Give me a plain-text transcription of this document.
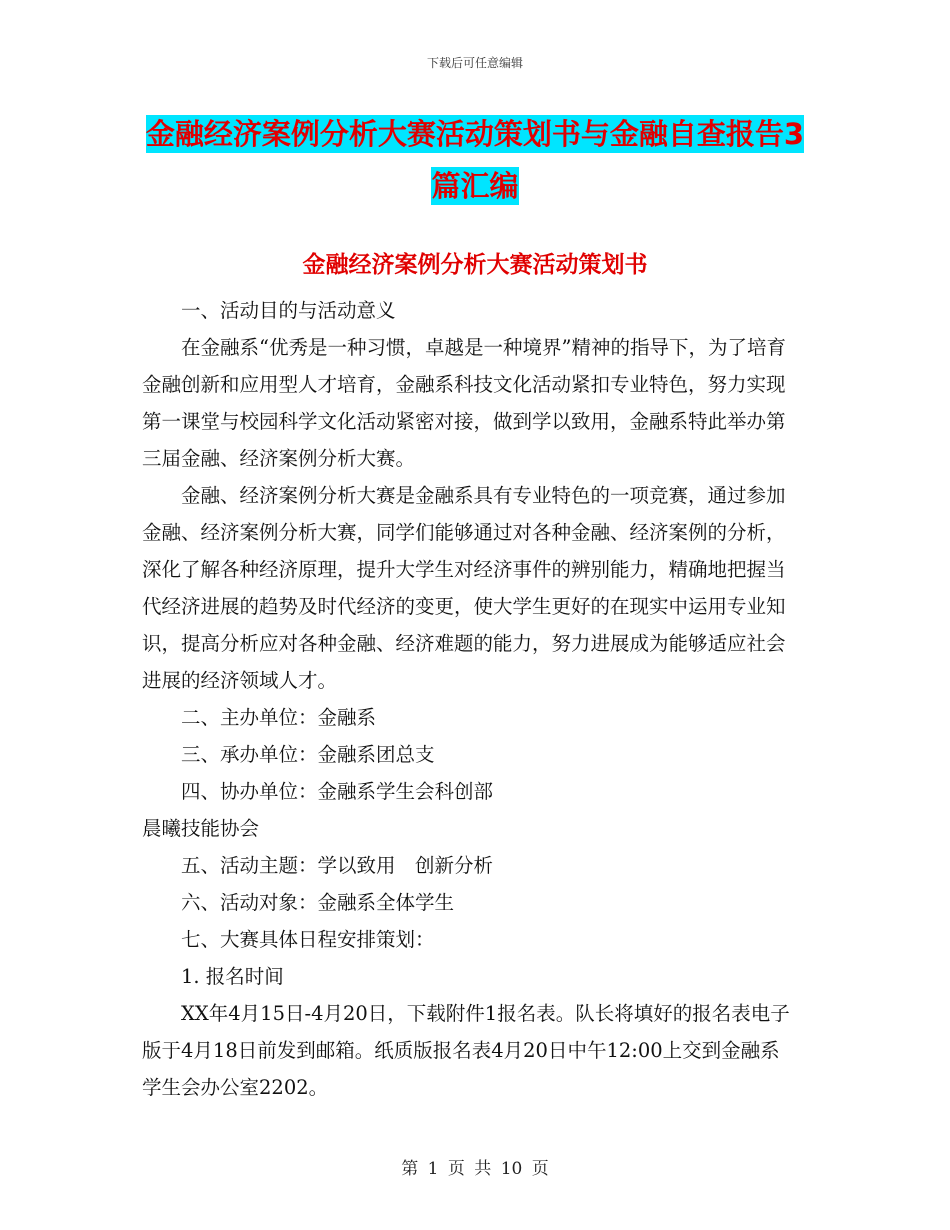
下载后可任意编辑
金融经济案例分析大赛活动策划书与金融自查报告3
篇汇编
金融经济案例分析大赛活动策划书

一、活动目的与活动意义

在金融系“优秀是一种习惯，卓越是一种境界”精神的指导下，为了培育金融创新和应用型人才培育，金融系科技文化活动紧扣专业特色，努力实现第一课堂与校园科学文化活动紧密对接，做到学以致用，金融系特此举办第三届金融、经济案例分析大赛。

金融、经济案例分析大赛是金融系具有专业特色的一项竞赛，通过参加金融、经济案例分析大赛，同学们能够通过对各种金融、经济案例的分析，深化了解各种经济原理，提升大学生对经济事件的辨别能力，精确地把握当代经济进展的趋势及时代经济的变更，使大学生更好的在现实中运用专业知识，提高分析应对各种金融、经济难题的能力，努力进展成为能够适应社会进展的经济领域人才。

二、主办单位：金融系

三、承办单位：金融系团总支

四、协办单位：金融系学生会科创部

晨曦技能协会

五、活动主题：学以致用　创新分析

六、活动对象：金融系全体学生

七、大赛具体日程安排策划：

1. 报名时间

XX年4月15日-4月20日，下载附件1报名表。队长将填好的报名表电子版于4月18日前发到邮箱。纸质版报名表4月20日中午12:00上交到金融系学生会办公室2202。

第 1 页 共 10 页
